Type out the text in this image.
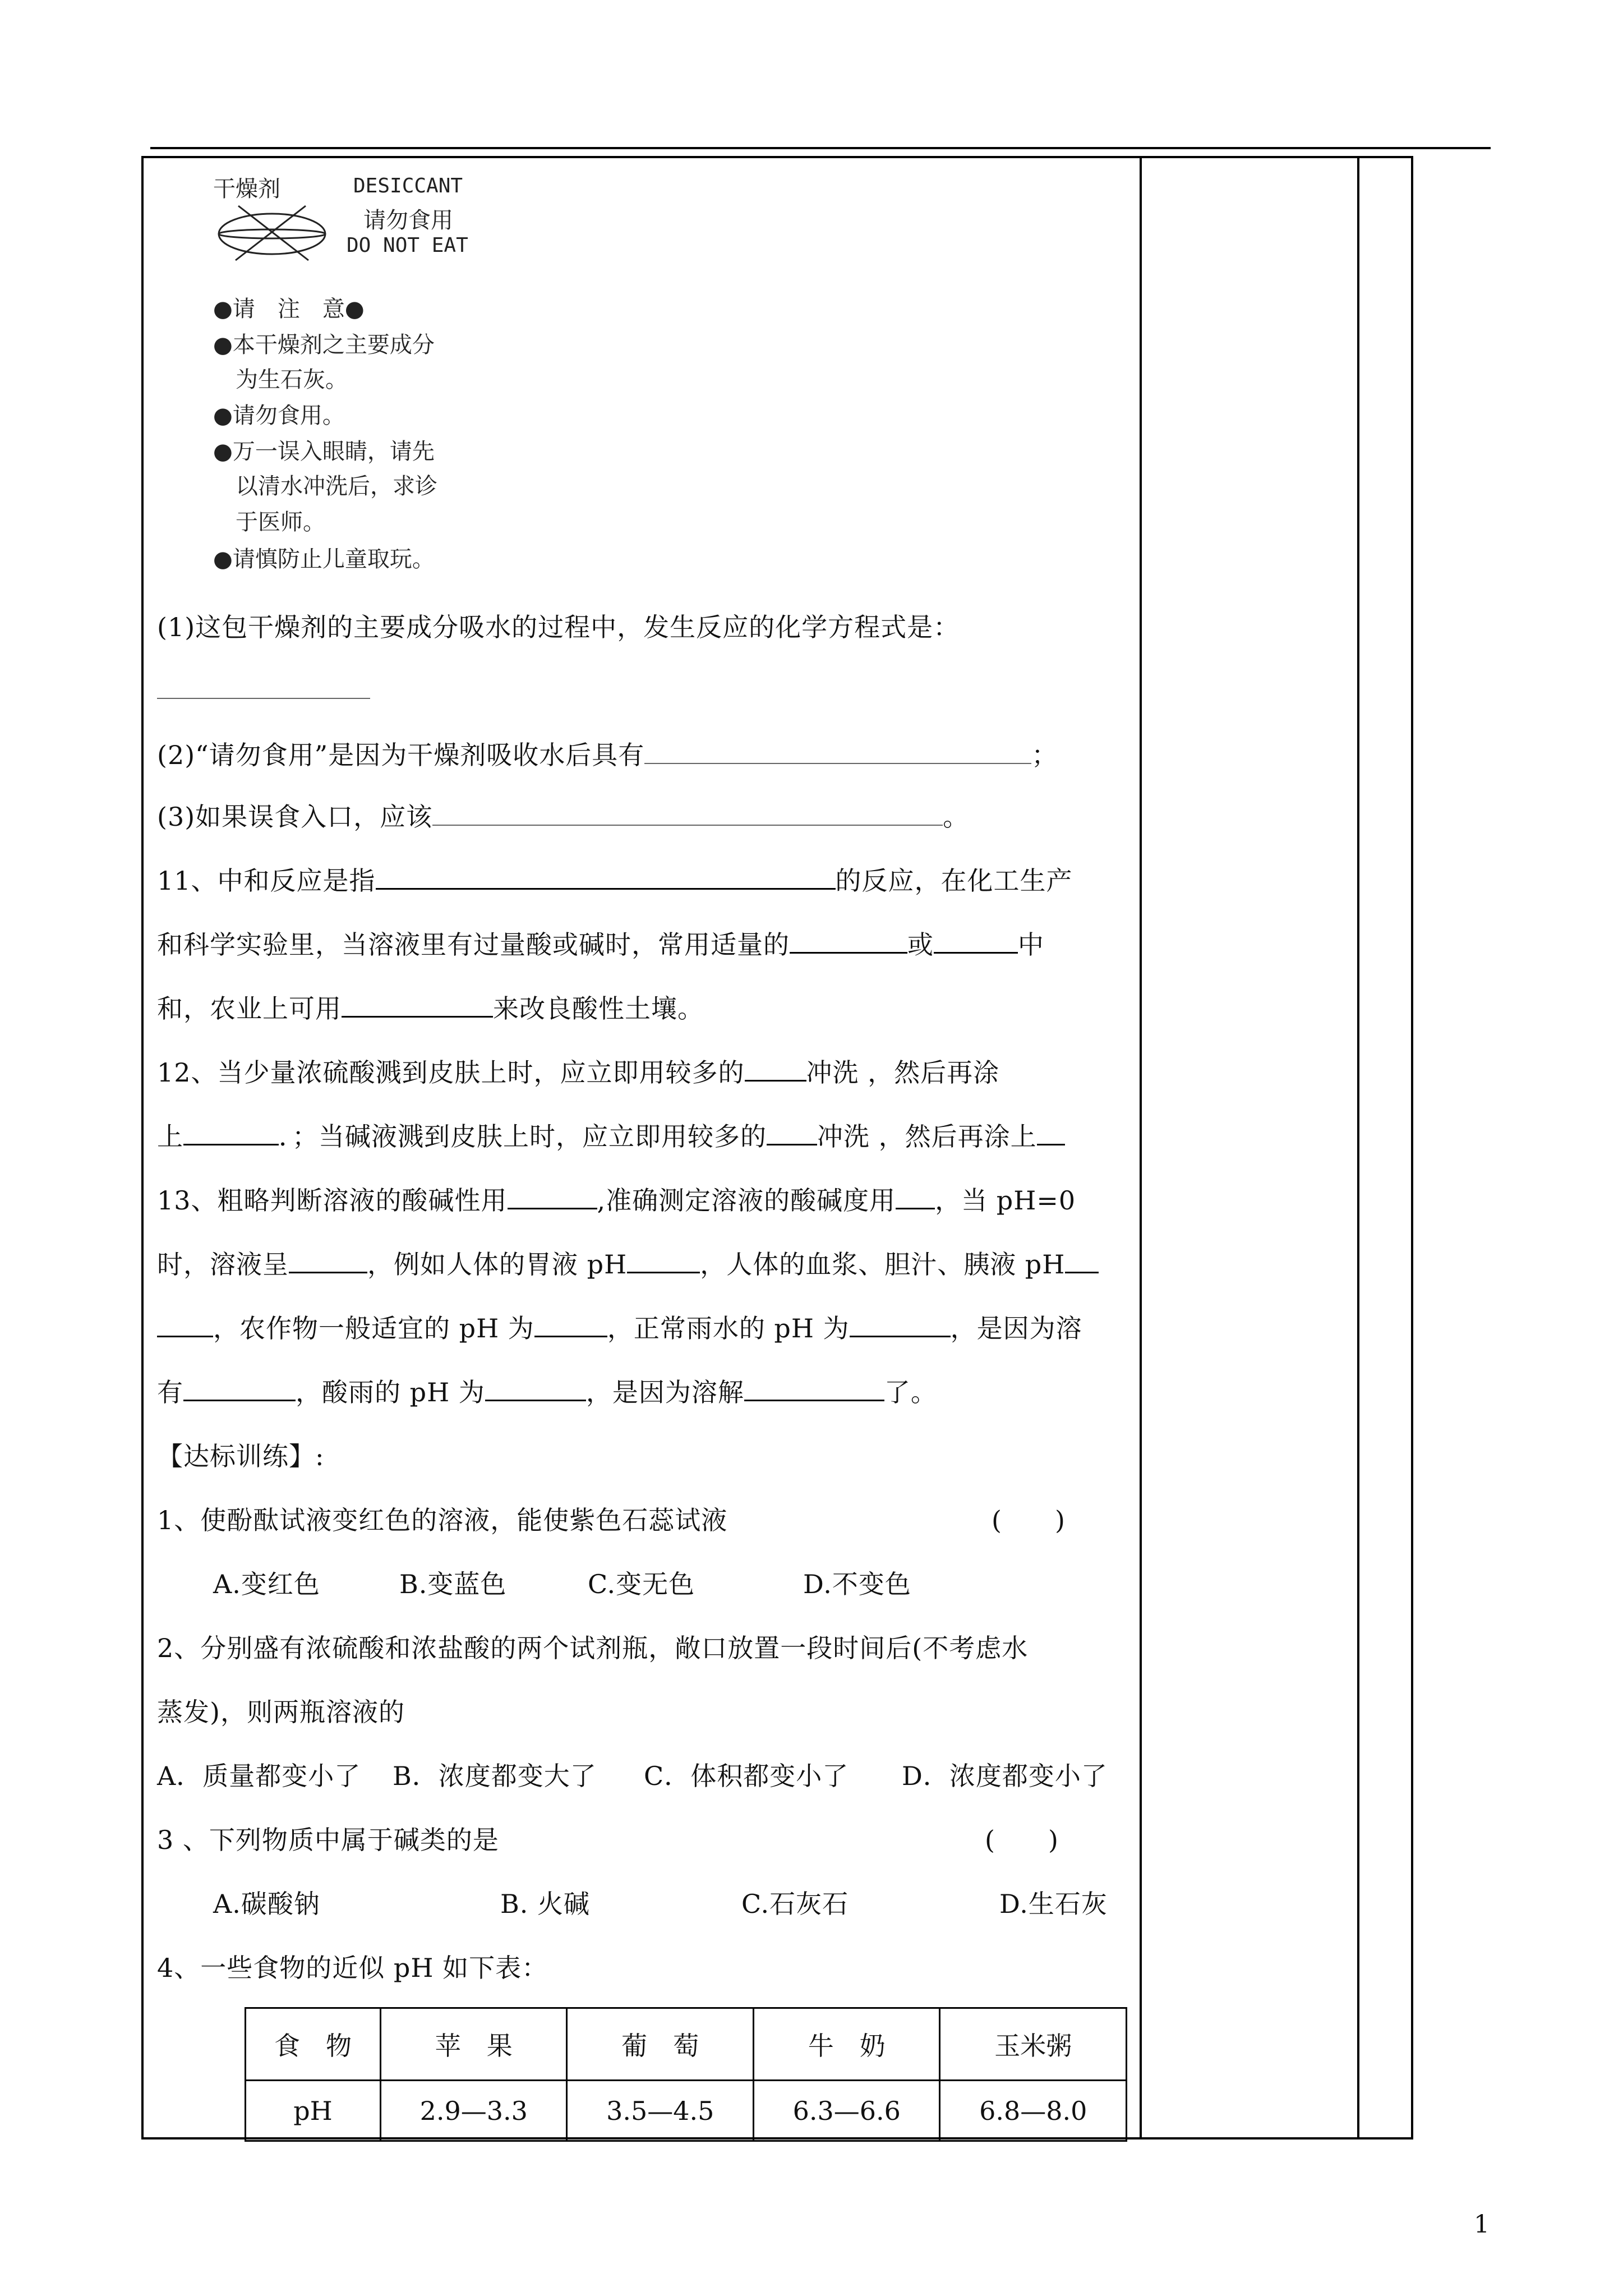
干燥剂	DESICCANT
请勿食用
DO NOT EAT
●请　注　意●
●本干燥剂之主要成分
　为生石灰。
●请勿食用。
●万一误入眼睛，请先
　以清水冲洗后，求诊
　于医师。
●请慎防止儿童取玩。
(1)这包干燥剂的主要成分吸水的过程中，发生反应的化学方程式是：
(2)“请勿食用”是因为干燥剂吸收水后具有	；
(3)如果误食入口，应该	。
11、中和反应是指	的反应，在化工生产
和科学实验里，当溶液里有过量酸或碱时，常用适量的	或	中
和，农业上可用	来改良酸性土壤。
12、当少量浓硫酸溅到皮肤上时，应立即用较多的 冲洗 ，然后再涂
上	．；当碱液溅到皮肤上时，应立即用较多的 冲洗 ，然后再涂上
13、粗略判断溶液的酸碱性用	,准确测定溶液的酸碱度用 ，当 pH=0
时，溶液呈	，例如人体的胃液 pH	，人体的血浆、胆汁、胰液 pH
，农作物一般适宜的 pH 为	，正常雨水的 pH 为	，是因为溶
有	，酸雨的 pH 为	，是因为溶解	了。
【达标训练】:
1、使酚酞试液变红色的溶液，能使紫色石蕊试液	(　　)
A.变红色	B.变蓝色	C.变无色	D.不变色
2、分别盛有浓硫酸和浓盐酸的两个试剂瓶，敞口放置一段时间后(不考虑水
蒸发)，则两瓶溶液的
A．质量都变小了 B．浓度都变大了 C．体积都变小了 D．浓度都变小了
3 、下列物质中属于碱类的是	(　　)
A.碳酸钠	B. 火碱	C.石灰石	D.生石灰
4、一些食物的近似 pH 如下表：
食　物	苹　果	葡　萄	牛　奶	玉米粥
pH	2.9—3.3	3.5—4.5	6.3—6.6	6.8—8.0
1
